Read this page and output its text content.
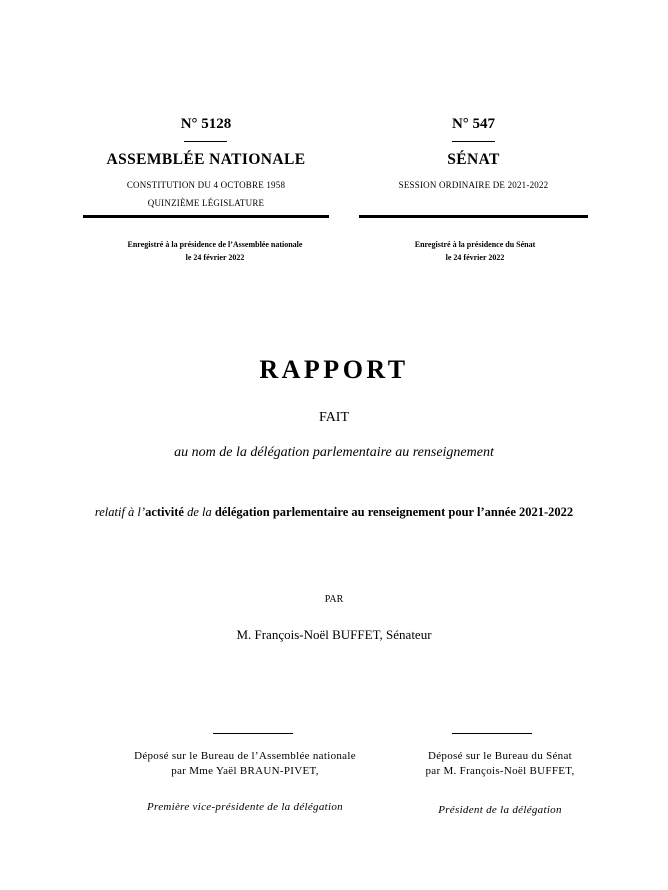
N° 5128
ASSEMBLÉE NATIONALE
CONSTITUTION DU 4 OCTOBRE 1958
QUINZIÈME LÉGISLATURE
Enregistré à la présidence de l’Assemblée nationale
le 24 février 2022
N° 547
SÉNAT
SESSION ORDINAIRE DE 2021-2022
Enregistré à la présidence du Sénat
le 24 février 2022
RAPPORT
FAIT
au nom de la délégation parlementaire au renseignement
relatif à l’activité de la délégation parlementaire au renseignement pour l’année 2021-2022
PAR
M. François-Noël BUFFET, Sénateur
Déposé sur le Bureau de l’Assemblée nationale
par Mme Yaël BRAUN-PIVET,
Première vice-présidente de la délégation
Déposé sur le Bureau du Sénat
par M. François-Noël BUFFET,
Président de la délégation
